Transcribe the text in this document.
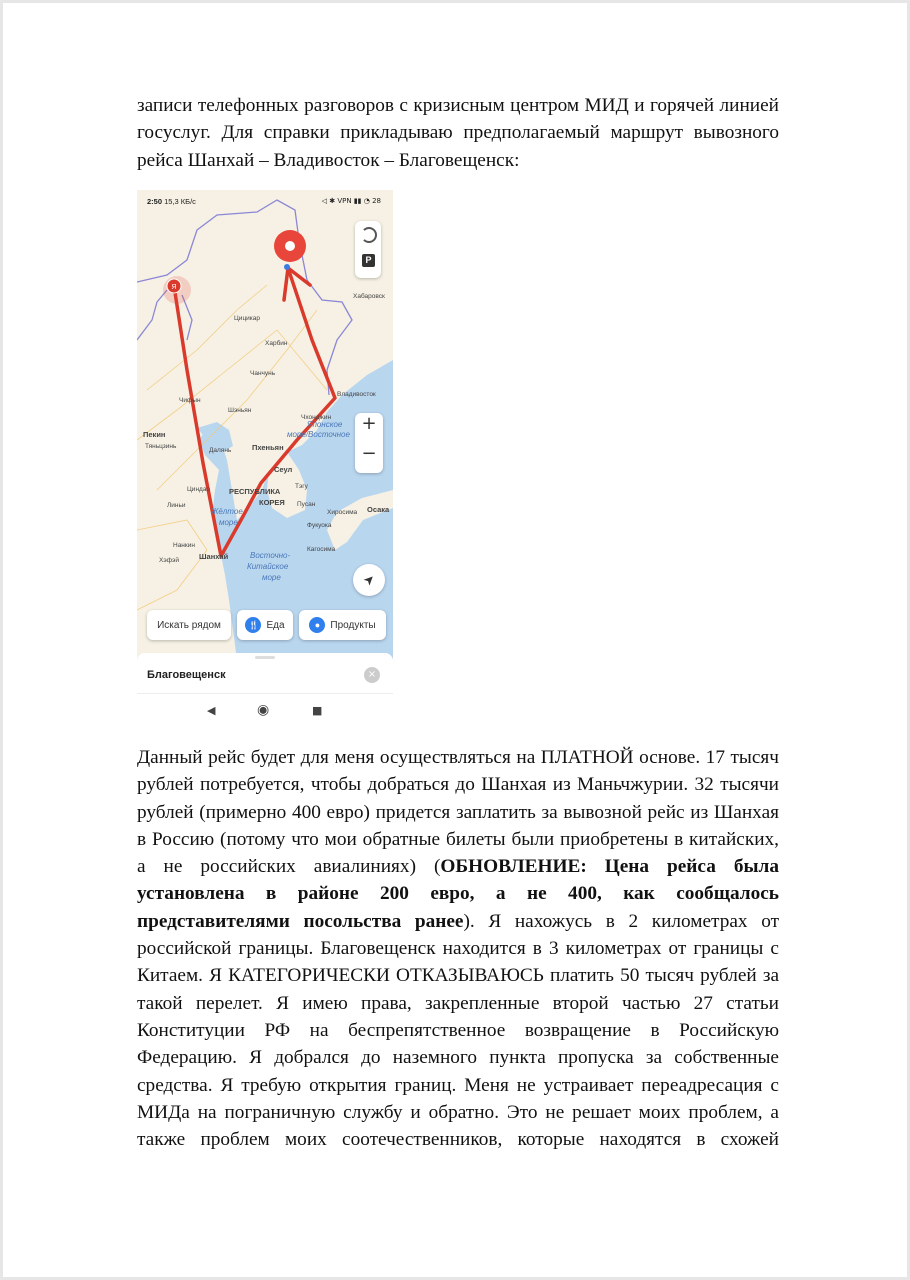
записи телефонных разговоров с кризисным центром МИД и горячей линией
госуслуг. Для справки прикладываю предполагаемый маршрут вывозного
рейса Шанхай – Владивосток – Благовещенск:
Я
Хабаровск
Цицикар
Харбин
Чанчунь
Владивосток
Чифын
Шэньян
Чхонджин
Пекин
Тяньцзинь
Далянь	Пхеньян
Сеул
РЕСПУБЛИКА
КОРЕЯ
Тэгу
Пусан
Циндао
Линьи
Нанкин
Хэфэй	Шанхай
Фукуока
Хиросима Осака
Кагосима
Японское
море/Восточное
Жёлтое
море
Восточно-
Китайское
море
2:50 15,3 КБ/с	◁ ✱ VPN ▮▮ ◔ 28
P
+
−
➤
Искать рядом	🍴︎ Еда	●	Продукты
Благовещенск	×
◀	◉	■
Данный рейс будет для меня осуществляться на ПЛАТНОЙ основе. 17 тысяч
рублей потребуется, чтобы добраться до Шанхая из Маньчжурии. 32 тысячи
рублей (примерно 400 евро) придется заплатить за вывозной рейс из Шанхая
в Россию (потому что мои обратные билеты были приобретены в китайских,
а не российских авиалиниях) (ОБНОВЛЕНИЕ: Цена рейса была
установлена в районе 200 евро, а не 400, как сообщалось
представителями посольства ранее). Я нахожусь в 2 километрах от
российской границы. Благовещенск находится в 3 километрах от границы с
Китаем. Я КАТЕГОРИЧЕСКИ ОТКАЗЫВАЮСЬ платить 50 тысяч рублей за
такой перелет. Я имею права, закрепленные второй частью 27 статьи
Конституции РФ на беспрепятственное возвращение в Российскую
Федерацию. Я добрался до наземного пункта пропуска за собственные
средства. Я требую открытия границ. Меня не устраивает переадресация с
МИДа на пограничную службу и обратно. Это не решает моих проблем, а
также проблем моих соотечественников, которые находятся в схожей
